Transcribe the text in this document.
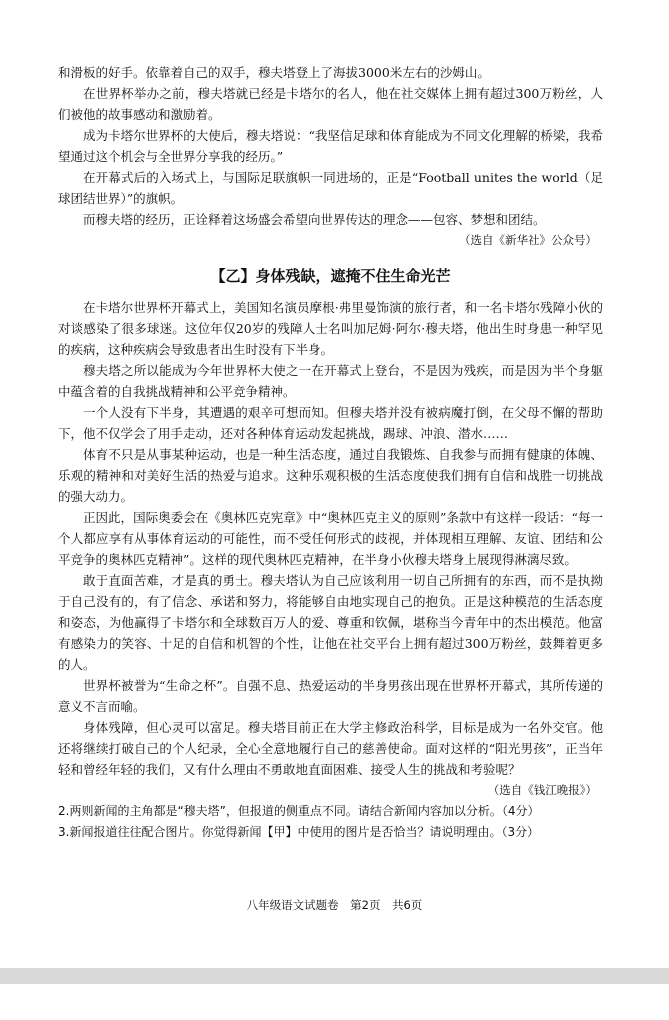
和滑板的好手。依靠着自己的双手，穆夫塔登上了海拔3000米左右的沙姆山。

在世界杯举办之前，穆夫塔就已经是卡塔尔的名人，他在社交媒体上拥有超过300万粉丝，人们被他的故事感动和激励着。

成为卡塔尔世界杯的大使后，穆夫塔说：“我坚信足球和体育能成为不同文化理解的桥梁，我希望通过这个机会与全世界分享我的经历。”

在开幕式后的入场式上，与国际足联旗帜一同进场的，正是“Football unites the world（足球团结世界）”的旗帜。

而穆夫塔的经历，正诠释着这场盛会希望向世界传达的理念——包容、梦想和团结。

（选自《新华社》公众号）

【乙】身体残缺，遮掩不住生命光芒

在卡塔尔世界杯开幕式上，美国知名演员摩根·弗里曼饰演的旅行者，和一名卡塔尔残障小伙的对谈感染了很多球迷。这位年仅20岁的残障人士名叫加尼姆·阿尔·穆夫塔，他出生时身患一种罕见的疾病，这种疾病会导致患者出生时没有下半身。

穆夫塔之所以能成为今年世界杯大使之一在开幕式上登台，不是因为残疾，而是因为半个身躯中蕴含着的自我挑战精神和公平竞争精神。

一个人没有下半身，其遭遇的艰辛可想而知。但穆夫塔并没有被病魔打倒，在父母不懈的帮助下，他不仅学会了用手走动，还对各种体育运动发起挑战，踢球、冲浪、潜水……

体育不只是从事某种运动，也是一种生活态度，通过自我锻炼、自我参与而拥有健康的体魄、乐观的精神和对美好生活的热爱与追求。这种乐观积极的生活态度使我们拥有自信和战胜一切挑战的强大动力。

正因此，国际奥委会在《奥林匹克宪章》中“奥林匹克主义的原则”条款中有这样一段话：“每一个人都应享有从事体育运动的可能性，而不受任何形式的歧视，并体现相互理解、友谊、团结和公平竞争的奥林匹克精神”。这样的现代奥林匹克精神，在半身小伙穆夫塔身上展现得淋漓尽致。

敢于直面苦难，才是真的勇士。穆夫塔认为自己应该利用一切自己所拥有的东西，而不是执拗于自己没有的，有了信念、承诺和努力，将能够自由地实现自己的抱负。正是这种模范的生活态度和姿态，为他赢得了卡塔尔和全球数百万人的爱、尊重和钦佩，堪称当今青年中的杰出模范。他富有感染力的笑容、十足的自信和机智的个性，让他在社交平台上拥有超过300万粉丝，鼓舞着更多的人。

世界杯被誉为“生命之杯”。自强不息、热爱运动的半身男孩出现在世界杯开幕式，其所传递的意义不言而喻。

身体残障，但心灵可以富足。穆夫塔目前正在大学主修政治科学，目标是成为一名外交官。他还将继续打破自己的个人纪录，全心全意地履行自己的慈善使命。面对这样的“阳光男孩”，正当年轻和曾经年轻的我们，又有什么理由不勇敢地直面困难、接受人生的挑战和考验呢？

（选自《钱江晚报》）

2.两则新闻的主角都是“穆夫塔”，但报道的侧重点不同。请结合新闻内容加以分析。（4分）

3.新闻报道往往配合图片。你觉得新闻【甲】中使用的图片是否恰当？请说明理由。（3分）

八年级语文试题卷　第2页　共6页
